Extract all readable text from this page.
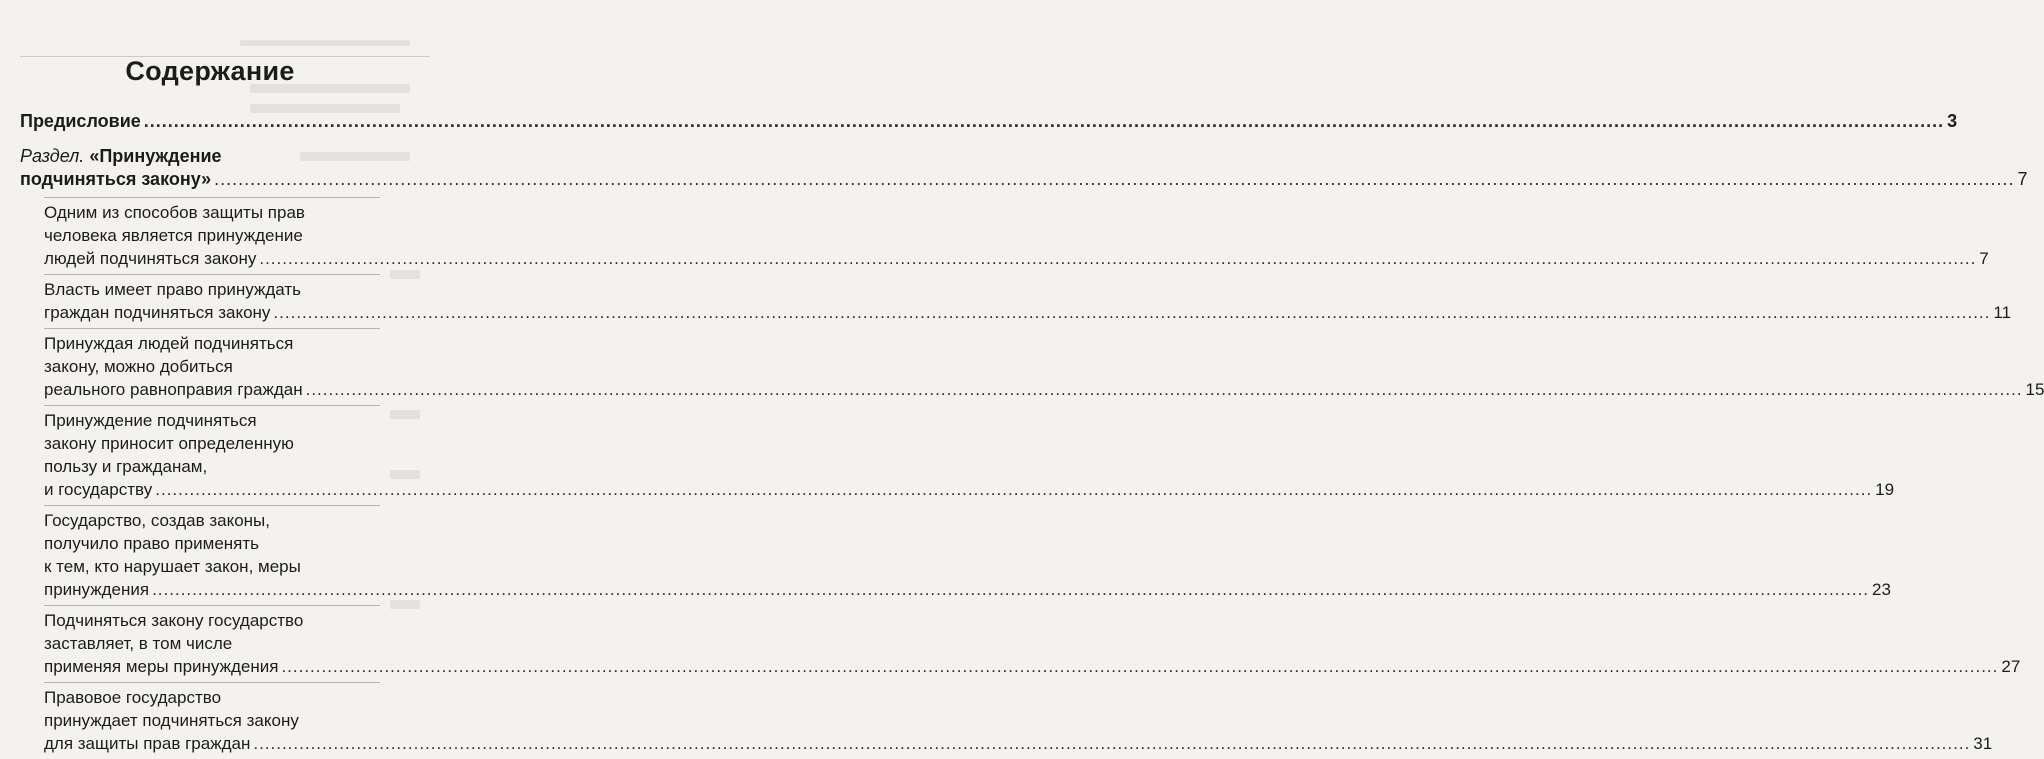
Содержание
Предисловие ............................................................................................................................................................................................................................................................................................................ 3
Раздел. «Принуждение
подчиняться закону» ............................................................................................................................................................................................................................................................................................................ 7
Одним из способов защиты прав
человека является принуждение
людей подчиняться закону ............................................................................................................................................................................................................................................................................................................ 7
Власть имеет право принуждать
граждан подчиняться закону ............................................................................................................................................................................................................................................................................................................ 11
Принуждая людей подчиняться
закону, можно добиться
реального равноправия граждан ............................................................................................................................................................................................................................................................................................................ 15
Принуждение подчиняться
закону приносит определенную
пользу и гражданам,
и государству ............................................................................................................................................................................................................................................................................................................ 19
Государство, создав законы,
получило право применять
к тем, кто нарушает закон, меры
принуждения ............................................................................................................................................................................................................................................................................................................ 23
Подчиняться закону государство
заставляет, в том числе
применяя меры принуждения ............................................................................................................................................................................................................................................................................................................ 27
Правовое государство
принуждает подчиняться закону
для защиты прав граждан ............................................................................................................................................................................................................................................................................................................ 31
